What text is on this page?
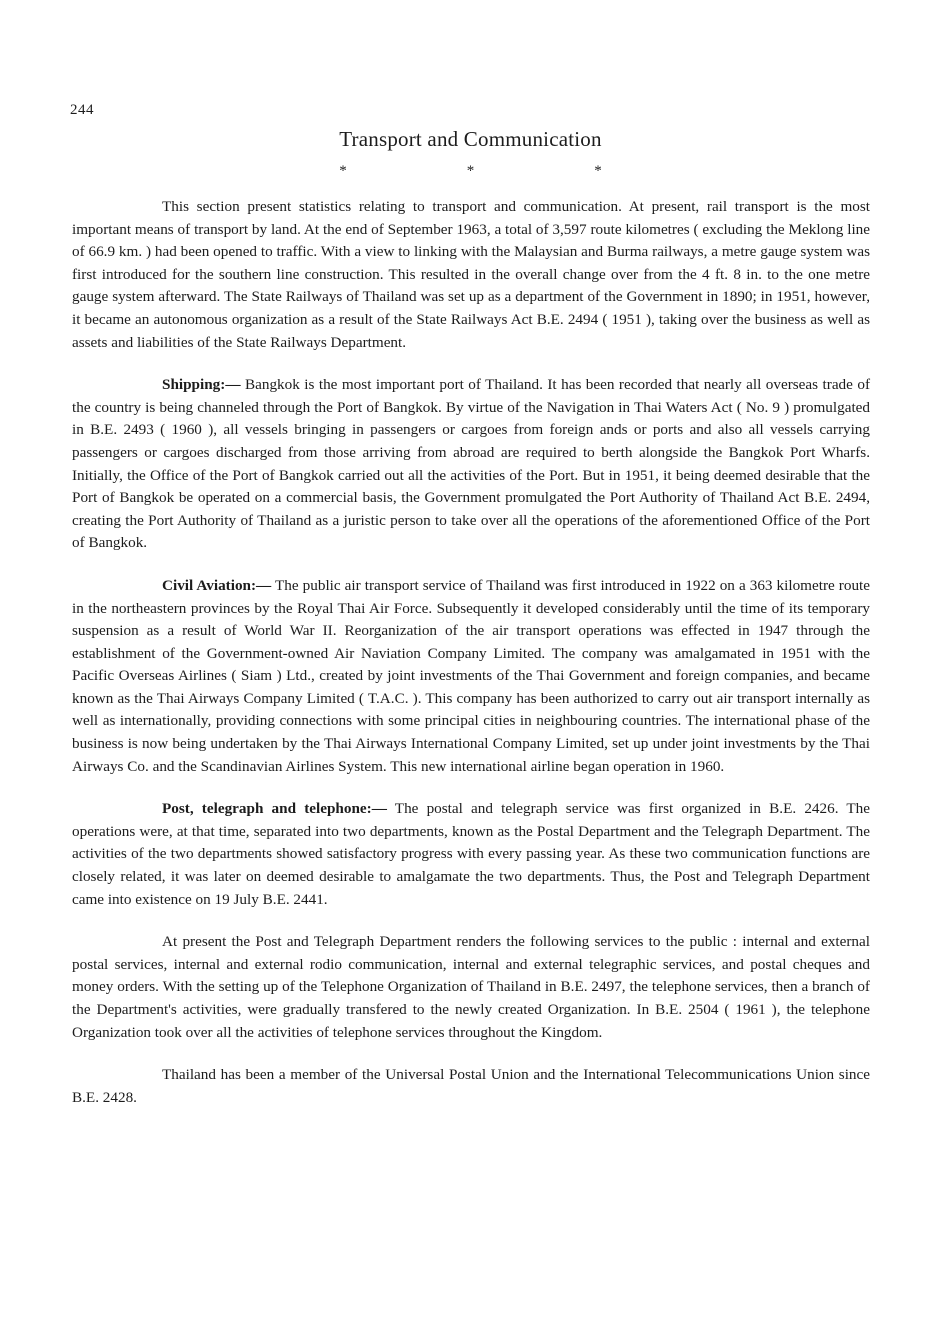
244
Transport and Communication
*	*	*

This section present statistics relating to transport and communication. At present, rail transport is the most important means of transport by land. At the end of September 1963, a total of 3,597 route kilometres ( excluding the Meklong line of 66.9 km. ) had been opened to traffic. With a view to linking with the Malaysian and Burma railways, a metre gauge system was first introduced for the southern line construction. This resulted in the overall change over from the 4 ft. 8 in. to the one metre gauge system afterward. The State Railways of Thailand was set up as a department of the Government in 1890; in 1951, however, it became an autonomous organization as a result of the State Railways Act B.E. 2494 ( 1951 ), taking over the business as well as assets and liabilities of the State Railways Department.

Shipping:— Bangkok is the most important port of Thailand. It has been recorded that nearly all overseas trade of the country is being channeled through the Port of Bangkok. By virtue of the Navigation in Thai Waters Act ( No. 9 ) promulgated in B.E. 2493 ( 1960 ), all vessels bringing in passengers or cargoes from foreign ands or ports and also all vessels carrying passengers or cargoes discharged from those arriving from abroad are required to berth alongside the Bangkok Port Wharfs. Initially, the Office of the Port of Bangkok carried out all the activities of the Port. But in 1951, it being deemed desirable that the Port of Bangkok be operated on a commercial basis, the Government promulgated the Port Authority of Thailand Act B.E. 2494, creating the Port Authority of Thailand as a juristic person to take over all the operations of the aforementioned Office of the Port of Bangkok.

Civil Aviation:— The public air transport service of Thailand was first introduced in 1922 on a 363 kilometre route in the northeastern provinces by the Royal Thai Air Force. Subsequently it developed considerably until the time of its temporary suspension as a result of World War II. Reorganization of the air transport operations was effected in 1947 through the establishment of the Government-owned Air Naviation Company Limited. The company was amalgamated in 1951 with the Pacific Overseas Airlines ( Siam ) Ltd., created by joint investments of the Thai Government and foreign companies, and became known as the Thai Airways Company Limited ( T.A.C. ). This company has been authorized to carry out air transport internally as well as internationally, providing connections with some principal cities in neighbouring countries. The international phase of the business is now being undertaken by the Thai Airways International Company Limited, set up under joint investments by the Thai Airways Co. and the Scandinavian Airlines System. This new international airline began operation in 1960.

Post, telegraph and telephone:— The postal and telegraph service was first organized in B.E. 2426. The operations were, at that time, separated into two departments, known as the Postal Department and the Telegraph Department. The activities of the two departments showed satisfactory progress with every passing year. As these two communication functions are closely related, it was later on deemed desirable to amalgamate the two departments. Thus, the Post and Telegraph Department came into existence on 19 July B.E. 2441.

At present the Post and Telegraph Department renders the following services to the public : internal and external postal services, internal and external rodio communication, internal and external telegraphic services, and postal cheques and money orders. With the setting up of the Telephone Organization of Thailand in B.E. 2497, the telephone services, then a branch of the Department's activities, were gradually transfered to the newly created Organization. In B.E. 2504 ( 1961 ), the telephone Organization took over all the activities of telephone services throughout the Kingdom.

Thailand has been a member of the Universal Postal Union and the International Telecommunications Union since B.E. 2428.
